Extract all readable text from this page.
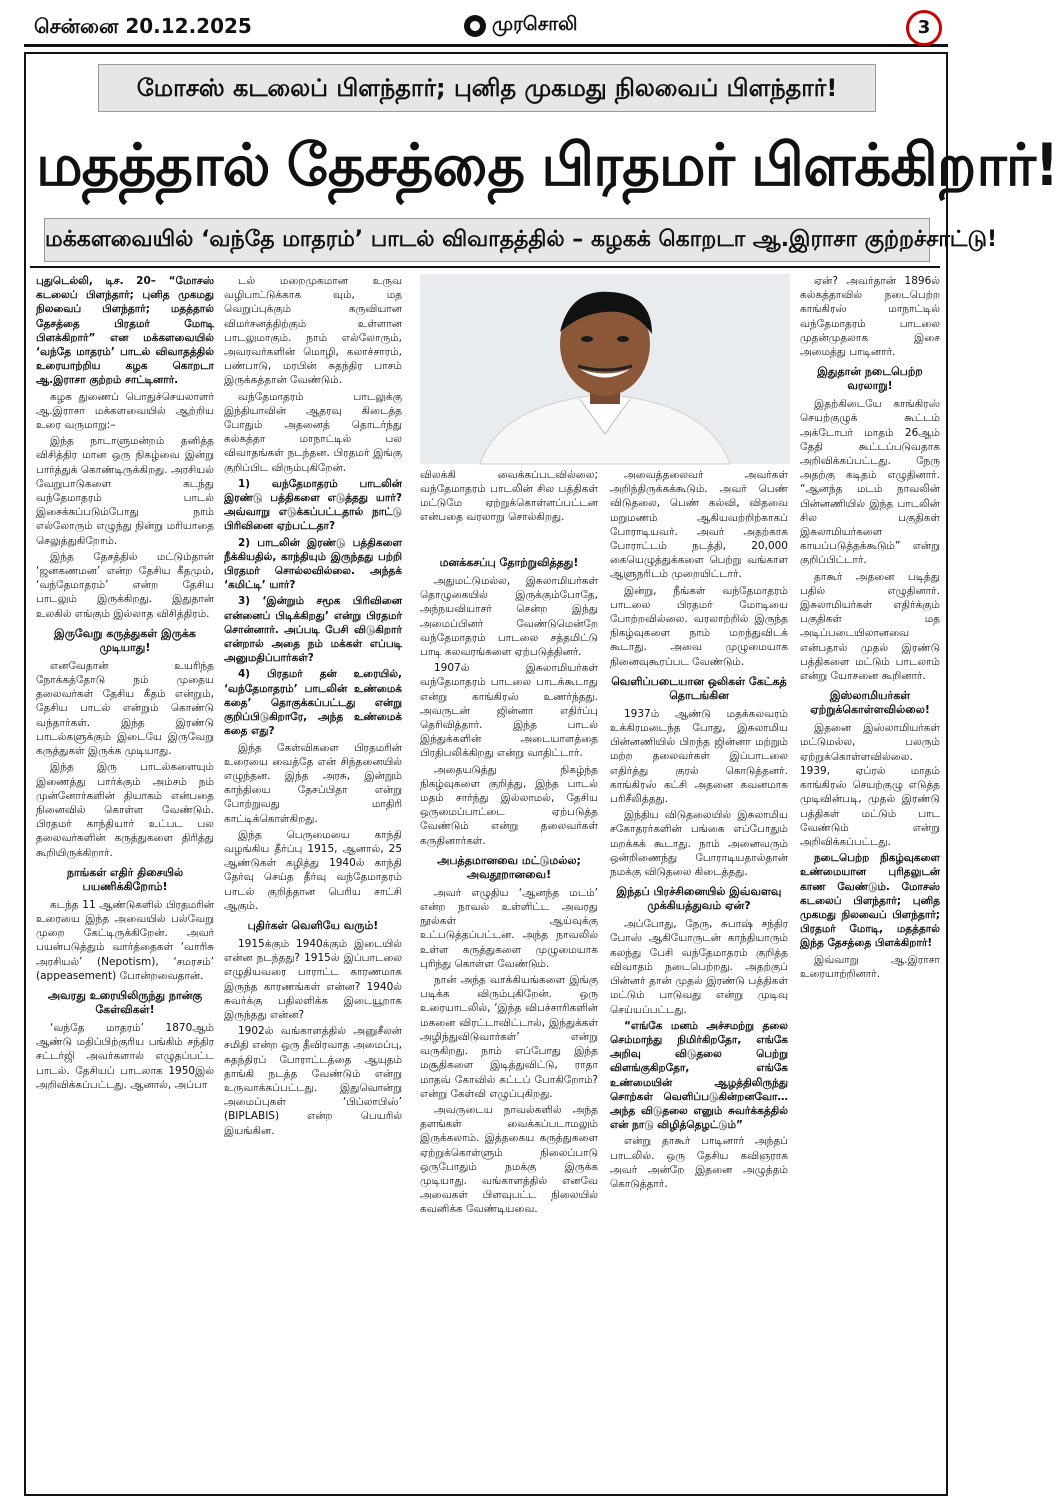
சென்னை 20.12.2025	முரசொலி	3
மோசஸ் கடலைப் பிளந்தார்; புனித முகமது நிலவைப் பிளந்தார்!
மதத்தால் தேசத்தை பிரதமர் பிளக்கிறார்!
மக்களவையில் ‘வந்தே மாதரம்’ பாடல் விவாதத்தில் – கழகக் கொறடா ஆ.இராசா குற்றச்சாட்டு!

புதுடெல்லி, டிச. 20– “மோசஸ் கடலைப் பிளந்தார்; புனித முகமது நிலவைப் பிளந்தார்; மதத்தால் தேசத்தை பிரதமர் மோடி பிளக்கிறார்” என மக்களவையில் ‘வந்தே மாதரம்’ பாடல் விவாதத்தில் உரையாற்றிய கழக கொறடா ஆ.இராசா குற்றம் சாட்டினார்.

கழக துணைப் பொதுச்செயலாளர் ஆ.இராசா மக்களவையில் ஆற்றிய உரை வருமாறு:–

இந்த நாடாளுமன்றம் தனித்த விசித்திர மான ஒரு நிகழ்வை இன்று பார்த்துக் கொண்டிருக்கிறது. அரசியல் வேறுபாடுகளை கடந்து வந்தேமாதரம் பாடல் இசைக்கப்படும்போது நாம் எல்லோரும் எழுந்து நின்று மரியாதை செலுத்துகிறோம்.

இந்த தேசத்தில் மட்டும்தான் ‘ஜனகணமன’ என்ற தேசிய கீதமும், ‘வந்தேமாதரம்’ என்ற தேசிய பாடலும் இருக்கிறது. இதுதான் உலகில் எங்கும் இல்லாத விசித்திரம்.

இருவேறு கருத்துகள் இருக்க முடியாது!

எனவேதான் உயரிந்த நோக்கத்தோடு நம் முதைய தலைவர்கள் தேசிய கீதம் என்றும், தேசிய பாடல் என்றும் கொண்டு வந்தார்கள். இந்த இரண்டு பாடல்களுக்கும் இடையே இருவேறு கருத்துகள் இருக்க முடியாது.

இந்த இரு பாடல்களையும் இணைத்து பார்க்கும் அம்சம் நம் முன்னோர்களின் தியாகம் என்பதை நினைவில் கொள்ள வேண்டும். பிரதமர் காந்தியார் உட்பட பல தலைவர்களின் கருத்துகளை திரித்து கூறியிருக்கிறார்.

நாங்கள் எதிர் திசையில் பயணிக்கிறோம்!

கடந்த 11 ஆண்டுகளில் பிரதமரின் உரையை இந்த அவையில் பல்வேறு முறை கேட்டிருக்கிறேன். அவர் பயன்படுத்தும் வார்த்தைகள் ‘வாரிசு அரசியல்’ (Nepotism), ‘சமரசம்’ (appeasement) போன்றவைதான்.

அவரது உரையிலிருந்து நான்கு கேள்விகள்!

‘வந்தே மாதரம்’ 1870ஆம் ஆண்டு மதிப்பிற்குரிய பங்கிம் சந்திர சட்டர்ஜி அவர்களால் எழுதப்பட்ட பாடல். தேசியப் பாடலாக 1950இல் அறிவிக்கப்பட்டது. ஆனால், அப்பா

டல் மறைமுகமான உருவ வழிபாட்டுக்காக வும், மத வெறுப்புக்கும் கருவியான விமர்சனத்திற்கும் உள்ளான பாடலுமாகும். நாம் எல்லோரும், அவரவர்களின் மொழி, கலாச்சாரம், பண்பாடு, மரபின் சுதந்திர பாசம் இருக்கத்தான் வேண்டும்.

வந்தேமாதரம் பாடலுக்கு இந்தியாவின் ஆதரவு கிடைத்த போதும் அதனைத் தொடர்ந்து கல்கத்தா மாநாட்டில் பல விவாதங்கள் நடந்தன. பிரதமர் இங்கு குறிப்பிட விரும்புகிறேன்.

1) வந்தேமாதரம் பாடலின் இரண்டு பத்திகளை எடுத்தது யார்? அவ்வாறு எடுக்கப்பட்டதால் நாட்டு பிரிவினை ஏற்பட்டதா?

2) பாடலின் இரண்டு பத்திகளை நீக்கியதில், காந்தியும் இருந்தது பற்றி பிரதமர் சொல்லவில்லை. அந்தக் ‘கமிட்டி’ யார்?

3) ‘இன்றும் சமூக பிரிவினை என்னைப் பிடிக்கிறது’ என்று பிரதமர் சொன்னார். அப்படி பேசி விடுகிறார் என்றால் அதை நம் மக்கள் எப்படி அனுமதிப்பார்கள்?

4) பிரதமர் தன் உரையில், ‘வந்தேமாதரம்’ பாடலின் உண்மைக் கதை’ தொகுக்கப்பட்டது என்று குறிப்பிடுகிறாரே, அந்த உண்மைக் கதை எது?

இந்த கேள்விகளை பிரதமரின் உரையை வைத்தே என் சிந்தனையில் எழுந்தன. இந்த அரசு, இன்றும் காந்தியை தேசப்பிதா என்று போற்றுவது மாதிரி காட்டிக்கொள்கிறது.

இந்த பெருமையை காந்தி வழங்கிய தீர்ப்பு 1915, ஆனால், 25 ஆண்டுகள் கழித்து 1940ல் காந்தி தேர்வு செய்த தீர்வு வந்தேமாதரம் பாடல் குறித்தான பெரிய சாட்சி ஆகும்.

புதிர்கள் வெளியே வரும்!

1915க்கும் 1940க்கும் இடையில் என்ன நடந்தது? 1915ல் இப்பாடலை எழுதியவரை பாராட்ட காரணமாக இருந்த காரணங்கள் என்ன? 1940ல் சுவர்க்கு பதிலளிக்க இடையூறாக இருந்தது என்ன?

1902ல் வங்காளத்தில் அனுசீலன் சமிதி என்ற ஒரு தீவிரவாத அமைப்பு, சுதந்திரப் போராட்டத்தை ஆயுதம் தாங்கி நடத்த வேண்டும் என்று உருவாக்கப்பட்டது. இதுவொன்று அமைப்புகள் ‘பிப்லாபிஸ்’ (BIPLABIS) என்ற பெயரில் இயங்கின.

விலக்கி வைக்கப்படவில்லை; வந்தேமாதரம் பாடலின் சில பத்திகள் மட்டுமே ஏற்றுக்கொள்ளப்பட்டன என்பதை வரலாறு சொல்கிறது.
மனக்கசப்பு தோற்றுவித்தது!

அதுமட்டுமல்ல, இசுலாமியர்கள் தொழுகையில் இருக்கும்போதே, அந்நயவியாசர் சென்ற இந்து அமைப்பினர் வேண்டுமென்றே வந்தேமாதரம் பாடலை சத்தமிட்டு பாடி கலவரங்களை ஏற்படுத்தினர்.

1907ல் இசுலாமியர்கள் வந்தேமாதரம் பாடலை பாடக்கூடாது என்று காங்கிரஸ் உணர்ந்தது. அவருடன் ஜின்னா எதிர்ப்பு தெரிவித்தார். இந்த பாடல் இந்துக்களின் அடையாளத்தை பிரதிபலிக்கிறது என்று வாதிட்டார்.

அதையடுத்து நிகழ்ந்த நிகழ்வுகளை குறித்து, இந்த பாடல் மதம் சார்ந்து இல்லாமல், தேசிய ஒருமைப்பாட்டை ஏற்படுத்த வேண்டும் என்று தலைவர்கள் கருதினார்கள்.

அபத்தமானவை மட்டுமல்ல; அவதூறானவை!

அவர் எழுதிய ‘ஆனந்த மடம்’ என்ற நாவல் உள்ளிட்ட அவரது நூல்கள் ஆய்வுக்கு உட்படுத்தப்பட்டன. அந்த நாவலில் உள்ள கருத்துகளை முழுமையாக புரிந்து கொள்ள வேண்டும்.

நான் அந்த வாக்கியங்களை இங்கு படிக்க விரும்புகிறேன். ஒரு உரையாடலில், ‘இந்த விபச்சாரிகளின் மகனை விரட்டாவிட்டால், இந்துக்கள் அழிந்துவிடுவார்கள்’ என்று வருகிறது. நாம் எப்போது இந்த மசூதிகளை இடித்துவிட்டு, ராதா மாதவ் கோவில் கட்டப் போகிறோம்? என்று கேள்வி எழுப்புகிறது.

அவருடைய நாவல்களில் அந்த தளங்கள் வைக்கப்படாமலும் இருக்கலாம். இத்தகைய கருத்துகளை ஏற்றுக்கொள்ளும் நிலைப்பாடு ஒருபோதும் நமக்கு இருக்க முடியாது. வங்காளத்தில் எனவே அவைகள் பிளவுபட்ட நிலையில் கவனிக்க வேண்டியவை.

அவைத்தலைவர் அவர்கள் அறிந்திருக்கக்கூடும். அவர் பெண் விடுதலை, பெண் கல்வி, விதவை மறுமணம் ஆகியவற்றிற்காகப் போராடியவர். அவர் அதற்காக போராட்டம் நடத்தி, 20,000 கையெழுத்துக்களை பெற்று வங்காள ஆளுநரிடம் முறையிட்டார்.

இன்று, நீங்கள் வந்தேமாதரம் பாடலை பிரதமர் மோடியை போற்றவில்லை. வரலாற்றில் இருந்த நிகழ்வுகளை நாம் மறந்துவிடக் கூடாது. அவை முழுமையாக நினைவுகூரப்பட வேண்டும்.

வெளிப்படையான ஒலிகள் கேட்கத் தொடங்கின

1937ம் ஆண்டு மதக்கலவரம் உக்கிரமடைந்த போது, இசுலாமிய பின்னணியில் பிறந்த ஜின்னா மற்றும் மற்ற தலைவர்கள் இப்பாடலை எதிர்த்து குரல் கொடுத்தனர். காங்கிரஸ் கட்சி அதனை கவனமாக பரிசீலித்தது.

இந்திய விடுதலையில் இசுலாமிய சகோதரர்களின் பங்கை எப்போதும் மறக்கக் கூடாது. நாம் அனைவரும் ஒன்றிணைந்து போராடியதால்தான் நமக்கு விடுதலை கிடைத்தது.

இந்தப் பிரச்சினையில் இவ்வளவு முக்கியத்துவம் ஏன்?

அப்போது, நேரு, சுபாஷ் சந்திர போஸ் ஆகியோருடன் காந்தியாரும் கலந்து பேசி வந்தேமாதரம் குறித்த விவாதம் நடைபெற்றது. அதற்குப் பின்னர் தான் முதல் இரண்டு பத்திகள் மட்டும் பாடுவது என்று முடிவு செய்யப்பட்டது.

“எங்கே மனம் அச்சமற்று தலை செம்மாந்து நிமிர்கிறதோ, எங்கே அறிவு விடுதலை பெற்று விளங்குகிறதோ, எங்கே உண்மையின் ஆழத்திலிருந்து சொற்கள் வெளிப்படுகின்றனவோ… அந்த விடுதலை எனும் சுவர்க்கத்தில் என் நாடு விழித்தெழட்டும்”

என்று தாகூர் பாடினார் அந்தப் பாடலில். ஒரு தேசிய கவிஞராக அவர் அன்றே இதனை அழுத்தம் கொடுத்தார்.

ஏன்? அவர்தான் 1896ல் கல்கத்தாவில் நடைபெற்ற காங்கிரஸ் மாநாட்டில் வந்தேமாதரம் பாடலை முதன்முதலாக இசை அமைத்து பாடினார்.

இதுதான் நடைபெற்ற வரலாறு!

இதற்கிடையே காங்கிரஸ் செயற்குழுக் கூட்டம் அக்டோபர் மாதம் 26ஆம் தேதி கூட்டப்படுவதாக அறிவிக்கப்பட்டது. நேரு அதற்கு கடிதம் எழுதினார். “ஆனந்த மடம் நாவலின் பின்னணியில் இந்த பாடலின் சில பகுதிகள் இசுலாமியர்களை காயப்படுத்தக்கூடும்” என்று குறிப்பிட்டார்.

தாகூர் அதனை படித்து பதில் எழுதினார். இசுலாமியர்கள் எதிர்க்கும் பகுதிகள் மத அடிப்படையிலானவை என்பதால் முதல் இரண்டு பத்திகளை மட்டும் பாடலாம் என்று யோசனை கூறினார்.

இஸ்லாமியர்கள் ஏற்றுக்கொள்ளவில்லை!

இதனை இஸ்லாமியர்கள் மட்டுமல்ல, பலரும் ஏற்றுக்கொள்ளவில்லை. 1939, ஏப்ரல் மாதம் காங்கிரஸ் செயற்குழு எடுத்த முடிவின்படி, முதல் இரண்டு பத்திகள் மட்டும் பாட வேண்டும் என்று அறிவிக்கப்பட்டது.

நடைபெற்ற நிகழ்வுகளை உண்மையான புரிதலுடன் காண வேண்டும். மோசஸ் கடலைப் பிளந்தார்; புனித முகமது நிலவைப் பிளந்தார்; பிரதமர் மோடி, மதத்தால் இந்த தேசத்தை பிளக்கிறார்!

இவ்வாறு ஆ.இராசா உரையாற்றினார்.
